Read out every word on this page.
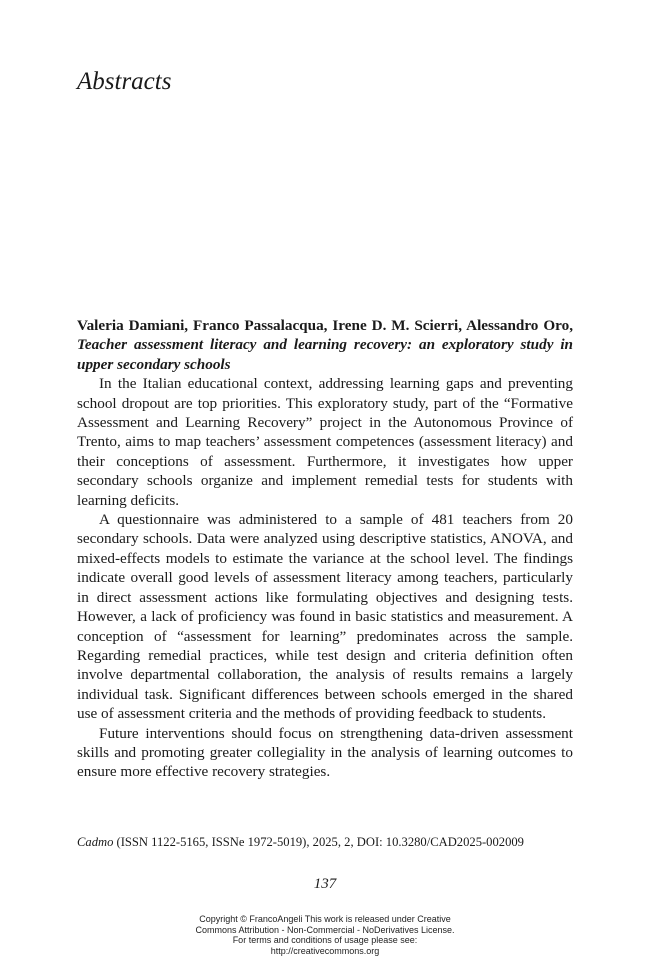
Abstracts

Valeria Damiani, Franco Passalacqua, Irene D. M. Scierri, Alessandro Oro, Teacher assessment literacy and learning recovery: an exploratory study in upper secondary schools

In the Italian educational context, addressing learning gaps and preventing school dropout are top priorities. This exploratory study, part of the “Formative Assessment and Learning Recovery” project in the Autonomous Province of Trento, aims to map teachers’ assessment competences (assessment literacy) and their conceptions of assessment. Furthermore, it investigates how upper secondary schools organize and implement remedial tests for students with learning deficits.

A questionnaire was administered to a sample of 481 teachers from 20 secondary schools. Data were analyzed using descriptive statistics, ANOVA, and mixed-effects models to estimate the variance at the school level. The findings indicate overall good levels of assessment literacy among teachers, particularly in direct assessment actions like formulating objectives and designing tests. However, a lack of proficiency was found in basic statistics and measurement. A conception of “assessment for learning” predominates across the sample. Regarding remedial practices, while test design and criteria definition often involve departmental collaboration, the analysis of results remains a largely individual task. Significant differences between schools emerged in the shared use of assessment criteria and the methods of providing feedback to students.

Future interventions should focus on strengthening data-driven assessment skills and promoting greater collegiality in the analysis of learning outcomes to ensure more effective recovery strategies.

Cadmo (ISSN 1122-5165, ISSNe 1972-5019), 2025, 2, DOI: 10.3280/CAD2025-002009

137

Copyright © FrancoAngeli This work is released under Creative
Commons Attribution - Non-Commercial - NoDerivatives License.
For terms and conditions of usage please see:
http://creativecommons.org
